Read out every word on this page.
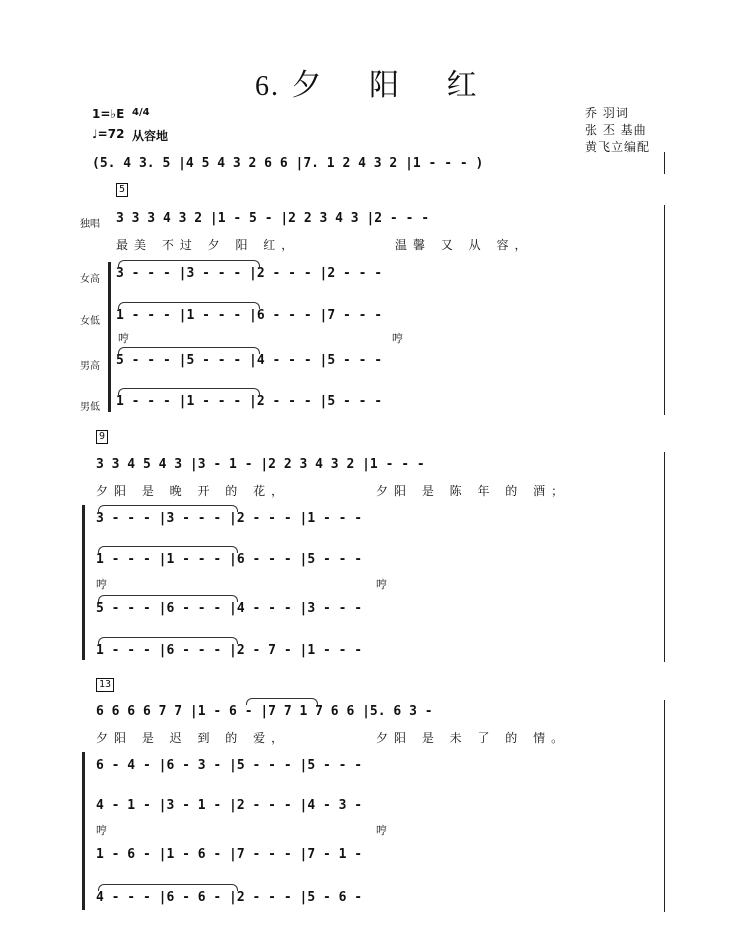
6. 夕 阳 红
1=♭E 4/4
♩=72 从容地
乔 羽词
张 丕 基曲
黄飞立编配
(5. 4 3. 5 |4 5 4 3 2 6 6 |7. 1 2 4 3 2 |1 - - - )
5
独唱 3 3 3 4 3 2 |1 - 5 - |2 2 3 4 3 |2 - - -
最美 不过 夕 阳 红，	温馨 又 从 容，
女高 3 - - - |3 - - - |2 - - - |2 - - -
女低 1 - - - |1 - - - |6 - - - |7 - - -
哼	哼
男高 5 - - - |5 - - - |4 - - - |5 - - -
男低 1 - - - |1 - - - |2 - - - |5 - - -
9
3 3 4 5 4 3 |3 - 1 - |2 2 3 4 3 2 |1 - - -
夕阳 是 晚 开 的 花，	夕阳 是 陈 年 的 酒；
3 - - - |3 - - - |2 - - - |1 - - -
1 - - - |1 - - - |6 - - - |5 - - -
哼	哼
5 - - - |6 - - - |4 - - - |3 - - -
1 - - - |6 - - - |2 - 7 - |1 - - -
13
6 6 6 6 7 7 |1 - 6 - |7 7 1 7 6 6 |5. 6 3 -
夕阳 是 迟 到 的 爱，	夕阳 是 未 了 的 情。
6 - 4 - |6 - 3 - |5 - - - |5 - - -
4 - 1 - |3 - 1 - |2 - - - |4 - 3 -
哼	哼
1 - 6 - |1 - 6 - |7 - - - |7 - 1 -
4 - - - |6 - 6 - |2 - - - |5 - 6 -
